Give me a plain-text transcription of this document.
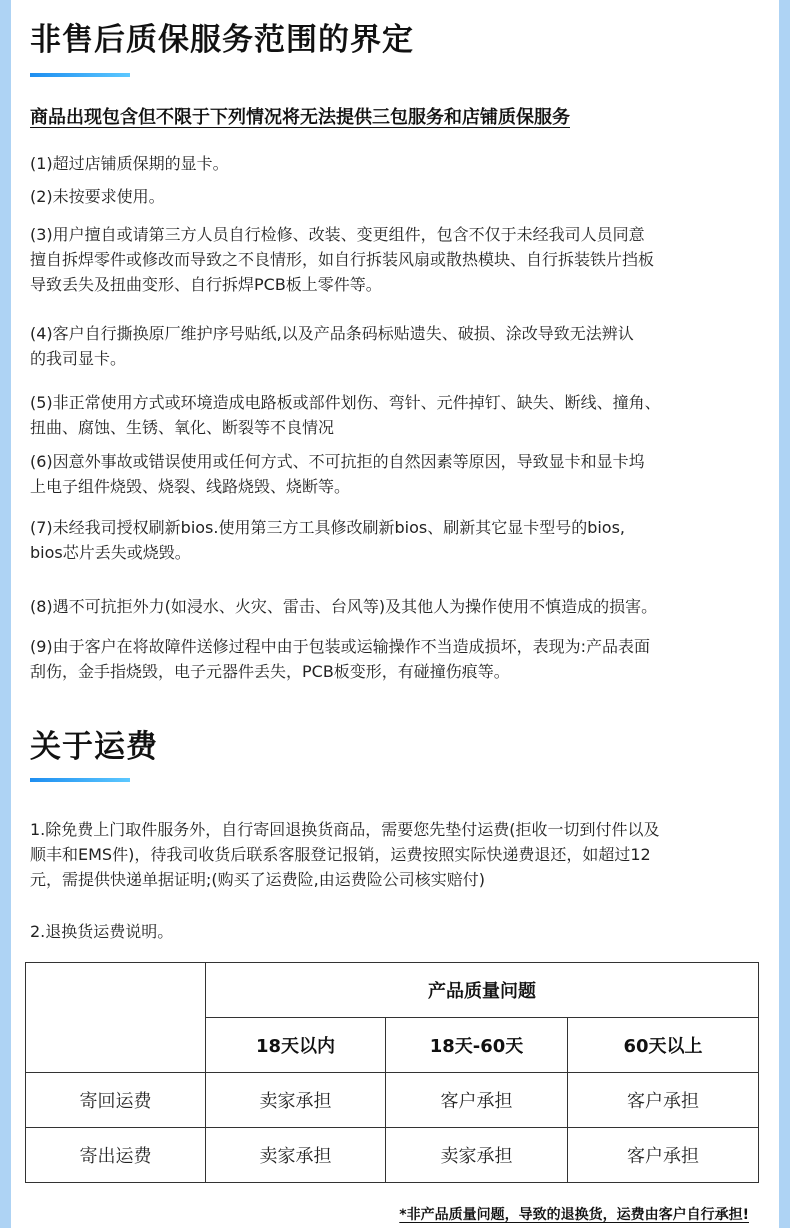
非售后质保服务范围的界定
商品出现包含但不限于下列情况将无法提供三包服务和店铺质保服务
(1)超过店铺质保期的显卡。
(2)未按要求使用。
(3)用户擅自或请第三方人员自行检修、改装、变更组件，包含不仅于未经我司人员同意
擅自拆焊零件或修改而导致之不良情形，如自行拆装风扇或散热模块、自行拆装铁片挡板
导致丢失及扭曲变形、自行拆焊PCB板上零件等。
(4)客户自行撕换原厂维护序号贴纸,以及产品条码标贴遗失、破损、涂改导致无法辨认
的我司显卡。
(5)非正常使用方式或环境造成电路板或部件划伤、弯针、元件掉钉、缺失、断线、撞角、
扭曲、腐蚀、生锈、氧化、断裂等不良情况
(6)因意外事故或错误使用或任何方式、不可抗拒的自然因素等原因，导致显卡和显卡坞
上电子组件烧毁、烧裂、线路烧毁、烧断等。
(7)未经我司授权刷新bios.使用第三方工具修改刷新bios、刷新其它显卡型号的bios,
bios芯片丢失或烧毁。
(8)遇不可抗拒外力(如浸水、火灾、雷击、台风等)及其他人为操作使用不慎造成的损害。
(9)由于客户在将故障件送修过程中由于包装或运输操作不当造成损坏，表现为:产品表面
刮伤，金手指烧毁，电子元器件丢失，PCB板变形，有碰撞伤痕等。
关于运费
1.除免费上门取件服务外，自行寄回退换货商品，需要您先垫付运费(拒收一切到付件以及
顺丰和EMS件)，待我司收货后联系客服登记报销，运费按照实际快递费退还，如超过12
元，需提供快递单据证明;(购买了运费险,由运费险公司核实赔付)
2.退换货运费说明。
	产品质量问题		
	18天以内	18天-60天	60天以上
寄回运费	卖家承担	客户承担	客户承担
寄出运费	卖家承担	卖家承担	客户承担
*非产品质量问题，导致的退换货，运费由客户自行承担!
